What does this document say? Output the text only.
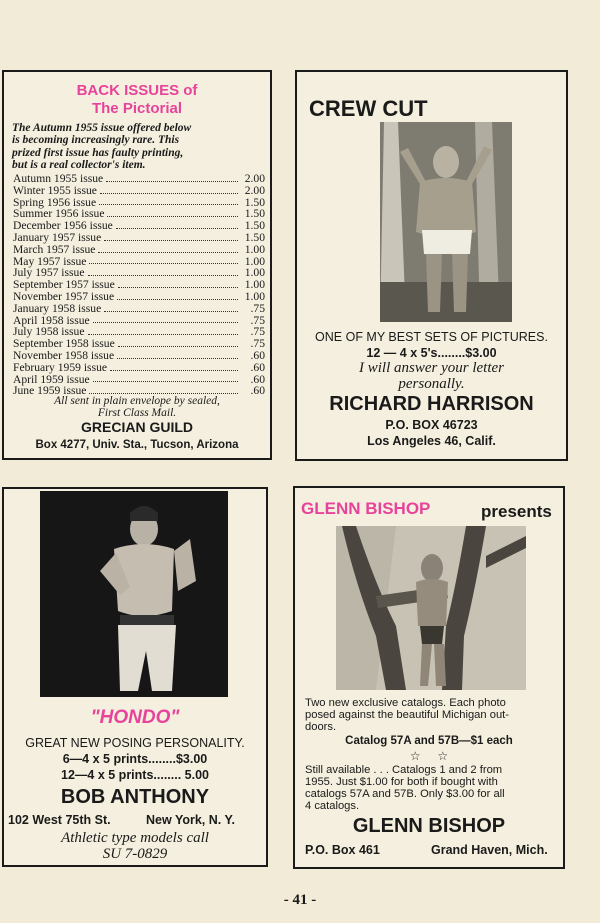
BACK ISSUES of
The Pictorial
The Autumn 1955 issue offered below
is becoming increasingly rare. This
prized first issue has faulty printing,
but is a real collector's item.
Autumn 1955 issue	2.00
Winter 1955 issue	2.00
Spring 1956 issue	1.50
Summer 1956 issue	1.50
December 1956 issue	1.50
January 1957 issue	1.50
March 1957 issue	1.00
May 1957 issue	1.00
July 1957 issue	1.00
September 1957 issue	1.00
November 1957 issue	1.00
January 1958 issue	.75
April 1958 issue	.75
July 1958 issue	.75
September 1958 issue	.75
November 1958 issue	.60
February 1959 issue	.60
April 1959 issue	.60
June 1959 issue	.60
All sent in plain envelope by sealed,
First Class Mail.
GRECIAN GUILD
Box 4277, Univ. Sta., Tucson, Arizona
CREW CUT
ONE OF MY BEST SETS OF PICTURES.
12 — 4 x 5's........$3.00
I will answer your letter
personally.
RICHARD HARRISON
P.O. BOX 46723
Los Angeles 46, Calif.
"HONDO"
GREAT NEW POSING PERSONALITY.
6—4 x 5 prints........$3.00
12—4 x 5 prints........ 5.00
BOB ANTHONY
102 West 75th St.	New York, N. Y.
Athletic type models call
SU 7-0829
GLENN BISHOP	presents
Two new exclusive catalogs. Each photo
posed against the beautiful Michigan out-
doors.
Catalog 57A and 57B—$1 each
☆     ☆
Still available . . . Catalogs 1 and 2 from
1955. Just $1.00 for both if bought with
catalogs 57A and 57B. Only $3.00 for all
4 catalogs.
GLENN BISHOP
P.O. Box 461	Grand Haven, Mich.
- 41 -
